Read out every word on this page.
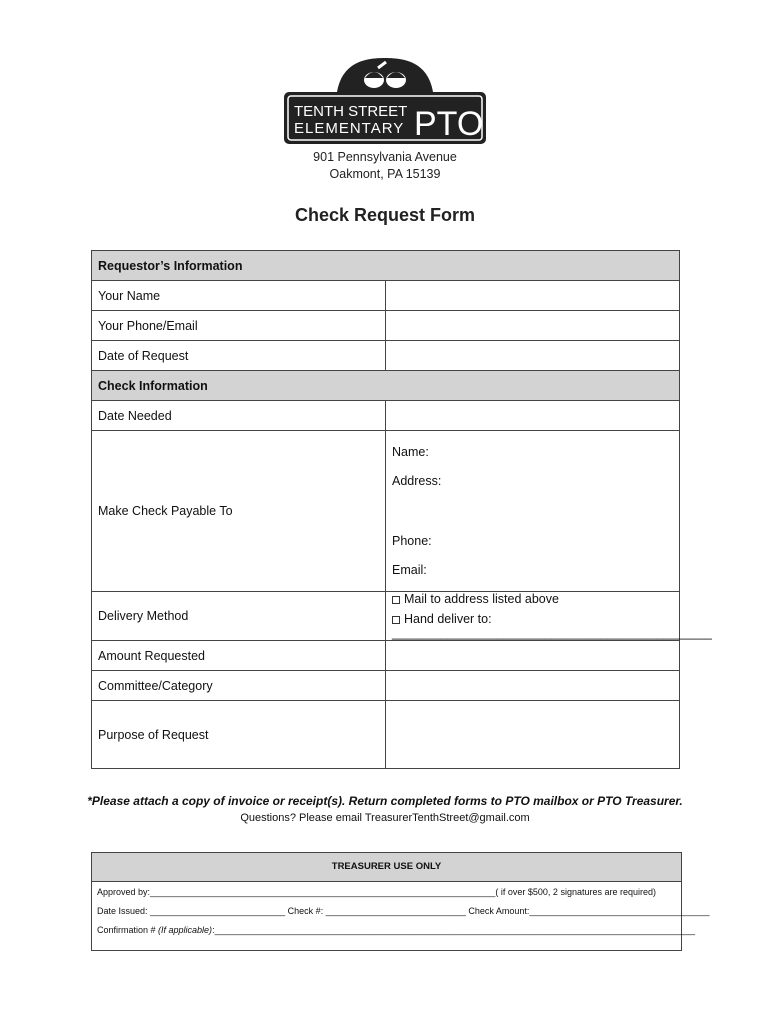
TENTH STREET
ELEMENTARY PTO
901 Pennsylvania Avenue
Oakmont, PA 15139
Check Request Form
Requestor’s Information	
Your Name	
Your Phone/Email	
Date of Request	
Check Information	
Date Needed	
Make Check Payable To	Name:
Address:
Phone:
Email:

Delivery Method	Mail to address listed above
Hand deliver to: ______________________________________________

Amount Requested	
Committee/Category	
Purpose of Request	
*Please attach a copy of invoice or receipt(s). Return completed forms to PTO mailbox or PTO Treasurer.
Questions? Please email TreasurerTenthStreet@gmail.com
TREASURER USE ONLY
Approved by:_____________________________________________________________________( if over $500, 2 signatures are required)
Date Issued: ___________________________ Check #: ____________________________ Check Amount:____________________________________
Confirmation # (If applicable):________________________________________________________________________________________________
